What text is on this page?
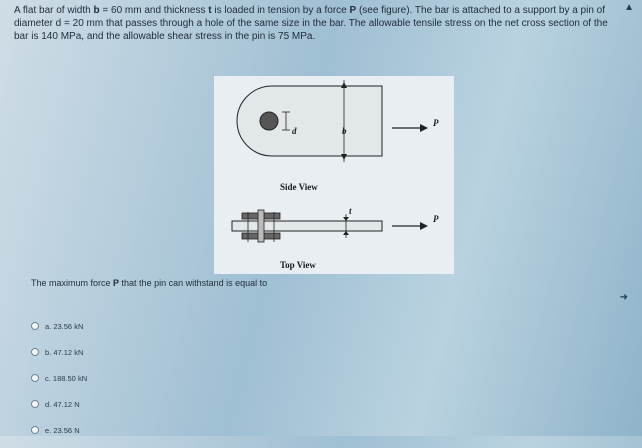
A flat bar of width b = 60 mm and thickness t is loaded in tension by a force P (see figure). The bar is attached to a support by a pin of
diameter d = 20 mm that passes through a hole of the same size in the bar. The allowable tensile stress on the net cross section of the
bar is 140 MPa, and the allowable shear stress in the pin is 75 MPa.
▲
➜
d	b
P
Side View
t
P
Top View
The maximum force P that the pin can withstand is equal to
a. 23.56 kN
b. 47.12 kN
c. 188.50 kN
d. 47.12 N
e. 23.56 N
